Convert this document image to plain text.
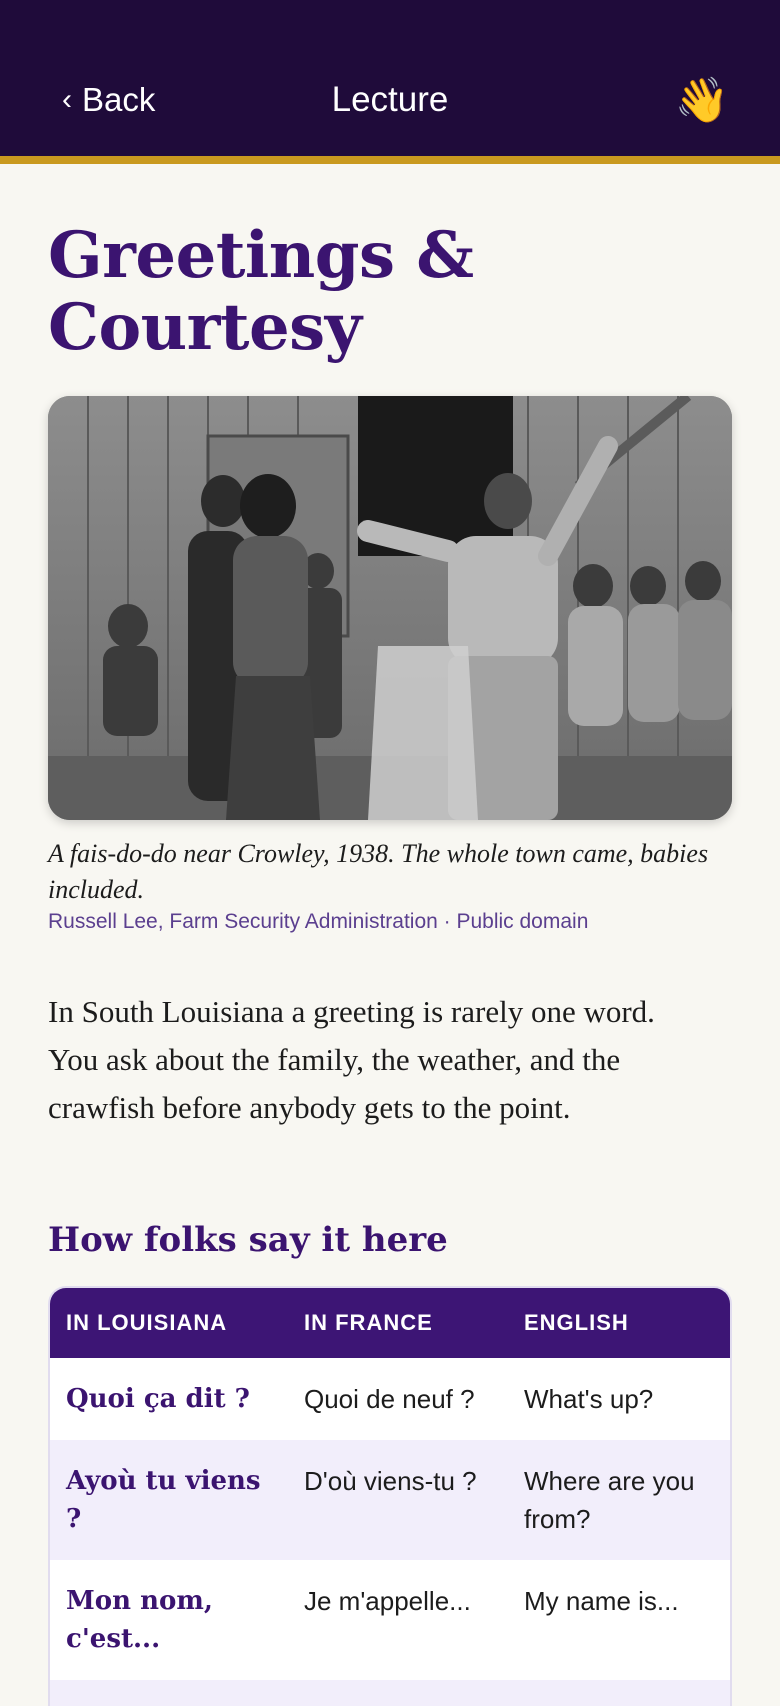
‹ Back	Lecture	👋
Greetings & Courtesy
A fais-do-do near Crowley, 1938. The whole town came, babies included.
Russell Lee, Farm Security Administration · Public domain
In South Louisiana a greeting is rarely one word. You ask about the family, the weather, and the crawfish before anybody gets to the point.
How folks say it here
IN LOUISIANA	IN FRANCE	ENGLISH
Quoi ça dit ?	Quoi de neuf ?	What's up?
Ayoù tu viens ?	D'où viens-tu ?	Where are you from?
Mon nom, c'est...	Je m'appelle...	My name is...
